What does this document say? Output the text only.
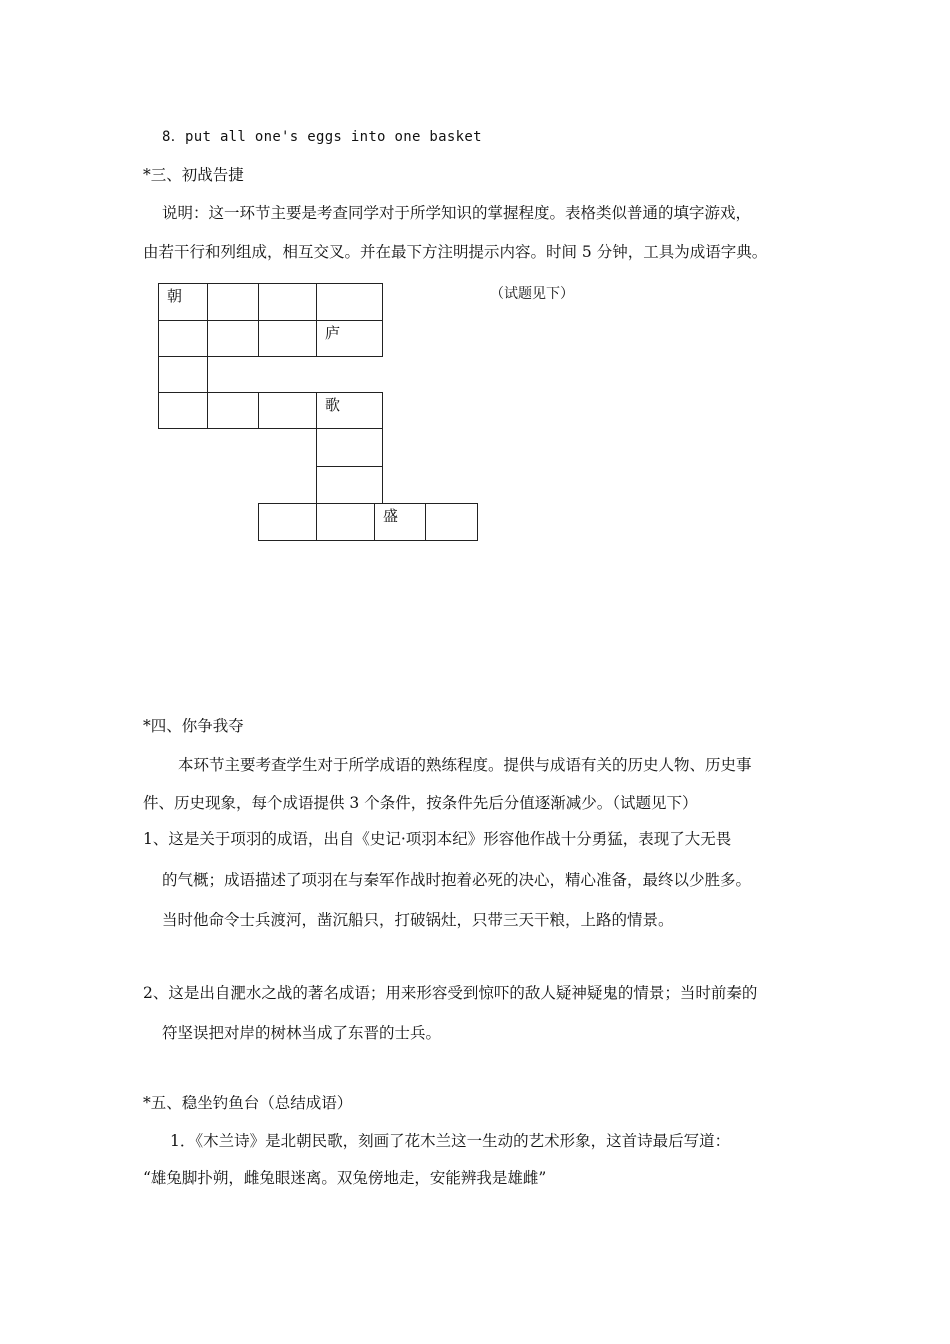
8．put all one's eggs into one basket
*三、初战告捷
说明：这一环节主要是考查同学对于所学知识的掌握程度。表格类似普通的填字游戏，
由若干行和列组成，相互交叉。并在最下方注明提示内容。时间 5 分钟，工具为成语字典。
朝
庐
歌
盛
（试题见下）
*四、你争我夺
本环节主要考查学生对于所学成语的熟练程度。提供与成语有关的历史人物、历史事
件、历史现象，每个成语提供 3 个条件，按条件先后分值逐渐减少。（试题见下）
1、这是关于项羽的成语，出自《史记·项羽本纪》形容他作战十分勇猛，表现了大无畏
的气概；成语描述了项羽在与秦军作战时抱着必死的决心，精心准备，最终以少胜多。
当时他命令士兵渡河，凿沉船只，打破锅灶，只带三天干粮，上路的情景。
2、这是出自淝水之战的著名成语；用来形容受到惊吓的敌人疑神疑鬼的情景；当时前秦的
符坚误把对岸的树林当成了东晋的士兵。
*五、稳坐钓鱼台（总结成语）
1．《木兰诗》是北朝民歌，刻画了花木兰这一生动的艺术形象，这首诗最后写道：
“雄兔脚扑朔，雌兔眼迷离。双兔傍地走，安能辨我是雄雌”
